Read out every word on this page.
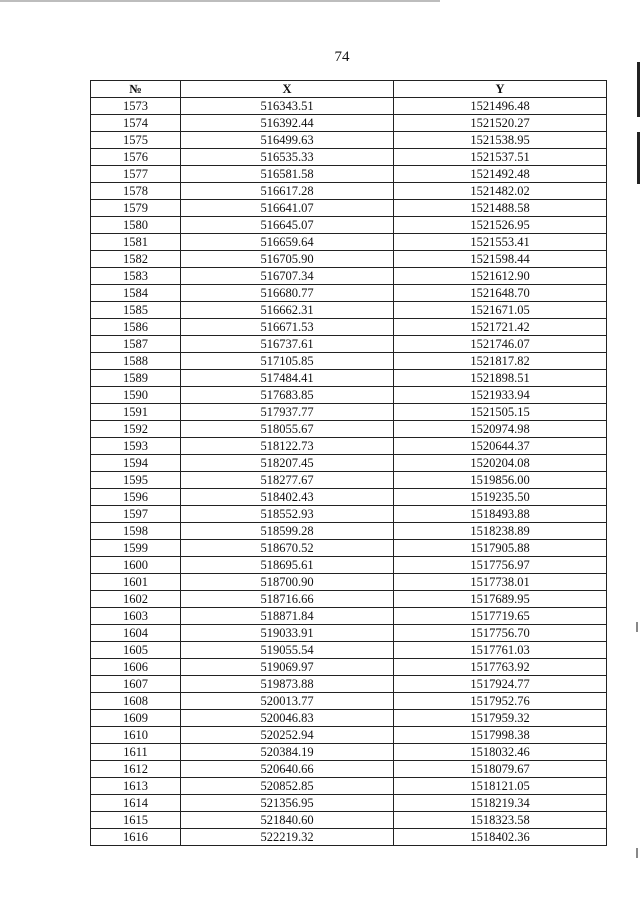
74
№	X	Y
1573	516343.51	1521496.48
1574	516392.44	1521520.27
1575	516499.63	1521538.95
1576	516535.33	1521537.51
1577	516581.58	1521492.48
1578	516617.28	1521482.02
1579	516641.07	1521488.58
1580	516645.07	1521526.95
1581	516659.64	1521553.41
1582	516705.90	1521598.44
1583	516707.34	1521612.90
1584	516680.77	1521648.70
1585	516662.31	1521671.05
1586	516671.53	1521721.42
1587	516737.61	1521746.07
1588	517105.85	1521817.82
1589	517484.41	1521898.51
1590	517683.85	1521933.94
1591	517937.77	1521505.15
1592	518055.67	1520974.98
1593	518122.73	1520644.37
1594	518207.45	1520204.08
1595	518277.67	1519856.00
1596	518402.43	1519235.50
1597	518552.93	1518493.88
1598	518599.28	1518238.89
1599	518670.52	1517905.88
1600	518695.61	1517756.97
1601	518700.90	1517738.01
1602	518716.66	1517689.95
1603	518871.84	1517719.65
1604	519033.91	1517756.70
1605	519055.54	1517761.03
1606	519069.97	1517763.92
1607	519873.88	1517924.77
1608	520013.77	1517952.76
1609	520046.83	1517959.32
1610	520252.94	1517998.38
1611	520384.19	1518032.46
1612	520640.66	1518079.67
1613	520852.85	1518121.05
1614	521356.95	1518219.34
1615	521840.60	1518323.58
1616	522219.32	1518402.36
